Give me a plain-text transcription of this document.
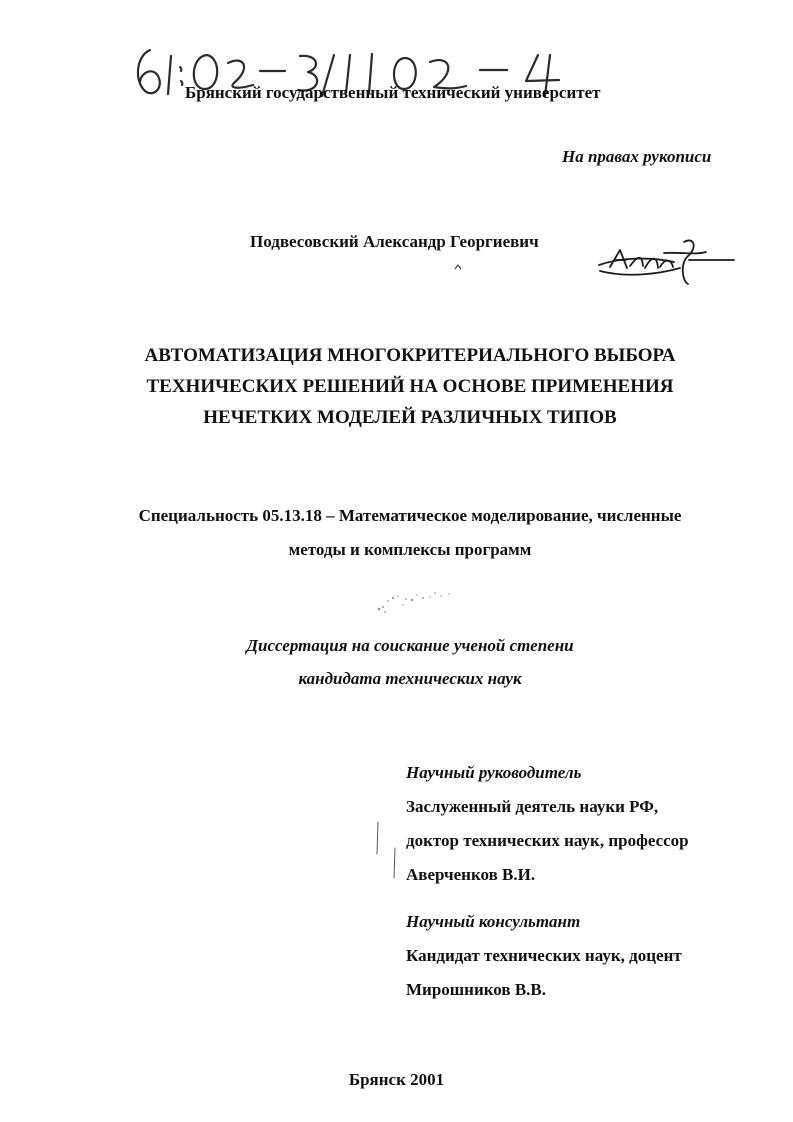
Брянский государственный технический университет
На правах рукописи
Подвесовский Александр Георгиевич
АВТОМАТИЗАЦИЯ МНОГОКРИТЕРИАЛЬНОГО ВЫБОРА
ТЕХНИЧЕСКИХ РЕШЕНИЙ НА ОСНОВЕ ПРИМЕНЕНИЯ
НЕЧЕТКИХ МОДЕЛЕЙ РАЗЛИЧНЫХ ТИПОВ
Специальность 05.13.18 – Математическое моделирование, численные
методы и комплексы программ
Диссертация на соискание ученой степени
кандидата технических наук
Научный руководитель
Заслуженный деятель науки РФ,
доктор технических наук, профессор
Аверченков В.И.
Научный консультант
Кандидат технических наук, доцент
Мирошников В.В.
Брянск 2001
